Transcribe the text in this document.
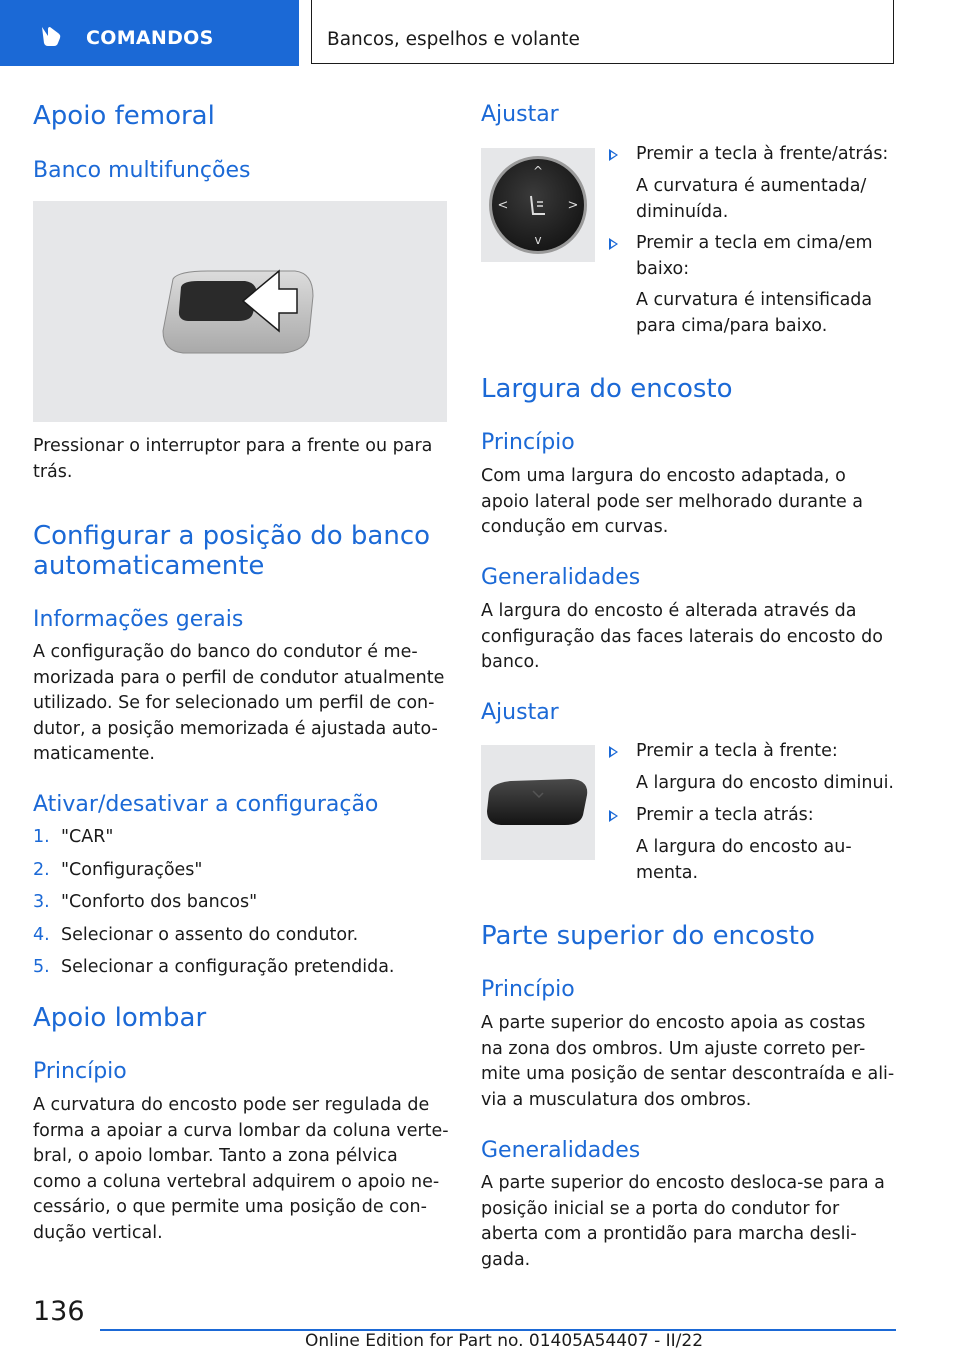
COMANDOS	Bancos, espelhos e volante
Apoio femoral
Banco multifunções
Pressionar o interruptor para a frente ou para
trás.
Configurar a posição do banco
automaticamente
Informações gerais
A configuração do banco do condutor é me-
morizada para o perfil de condutor atualmente
utilizado. Se for selecionado um perfil de con-
dutor, a posição memorizada é ajustada auto-
maticamente.
Ativar/desativar a configuração
1. "CAR"
2. "Configurações"
3. "Conforto dos bancos"
4. Selecionar o assento do condutor.
5. Selecionar a configuração pretendida.
Apoio lombar
Princípio
A curvatura do encosto pode ser regulada de
forma a apoiar a curva lombar da coluna verte-
bral, o apoio lombar. Tanto a zona pélvica
como a coluna vertebral adquirem o apoio ne-
cessário, o que permite uma posição de con-
dução vertical.
Ajustar
^
v
<	>
Premir a tecla à frente/atrás:
A curvatura é aumentada/
diminuída.
Premir a tecla em cima/em
baixo:
A curvatura é intensificada
para cima/para baixo.
Largura do encosto
Princípio
Com uma largura do encosto adaptada, o
apoio lateral pode ser melhorado durante a
condução em curvas.
Generalidades
A largura do encosto é alterada através da
configuração das faces laterais do encosto do
banco.
Ajustar
Premir a tecla à frente:
A largura do encosto diminui.
Premir a tecla atrás:
A largura do encosto au-
menta.
Parte superior do encosto
Princípio
A parte superior do encosto apoia as costas
na zona dos ombros. Um ajuste correto per-
mite uma posição de sentar descontraída e ali-
via a musculatura dos ombros.
Generalidades
A parte superior do encosto desloca-se para a
posição inicial se a porta do condutor for
aberta com a prontidão para marcha desli-
gada.
136
Online Edition for Part no. 01405A54407 - II/22
